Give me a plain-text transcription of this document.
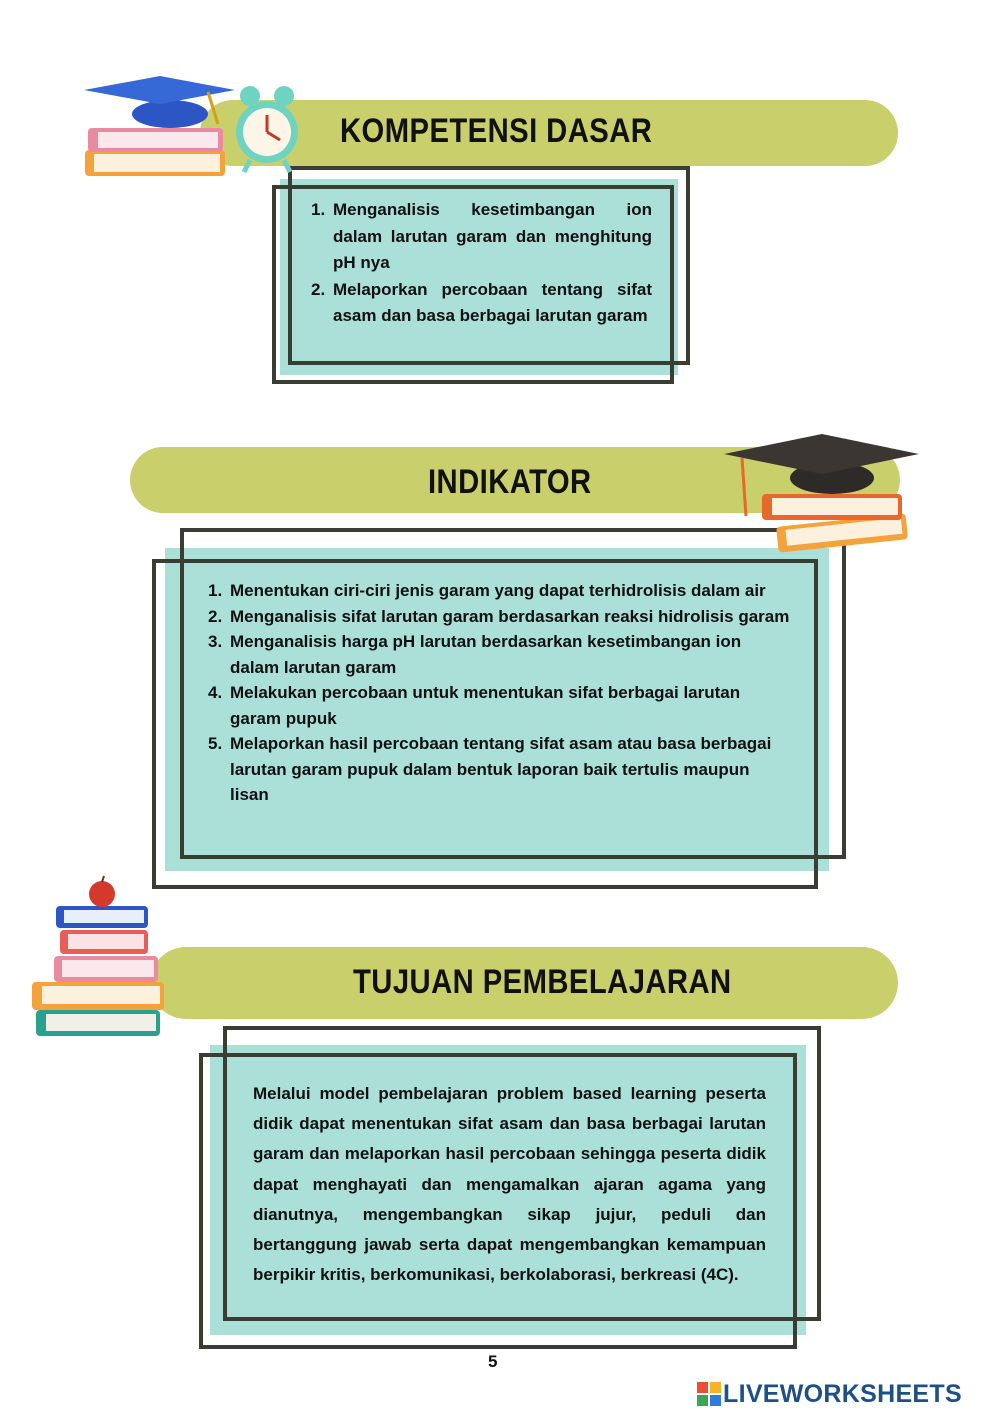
KOMPETENSI DASAR
1. Menganalisis kesetimbangan ion dalam larutan garam dan menghitung pH nya
2. Melaporkan percobaan tentang sifat asam dan basa berbagai larutan garam
INDIKATOR
1. Menentukan ciri-ciri jenis garam yang dapat terhidrolisis dalam air
2. Menganalisis sifat larutan garam berdasarkan reaksi hidrolisis garam
3. Menganalisis harga pH larutan berdasarkan kesetimbangan ion dalam larutan garam
4. Melakukan percobaan untuk menentukan sifat berbagai larutan garam pupuk
5. Melaporkan hasil percobaan tentang sifat asam atau basa berbagai larutan garam pupuk dalam bentuk laporan baik tertulis maupun lisan
TUJUAN PEMBELAJARAN
Melalui model pembelajaran problem based learning peserta didik dapat menentukan sifat asam dan basa berbagai larutan garam dan melaporkan hasil percobaan sehingga peserta didik dapat menghayati dan mengamalkan ajaran agama yang dianutnya, mengembangkan sikap jujur, peduli dan bertanggung jawab serta dapat mengembangkan kemampuan berpikir kritis, berkomunikasi, berkolaborasi, berkreasi (4C).
5
LIVEWORKSHEETS
